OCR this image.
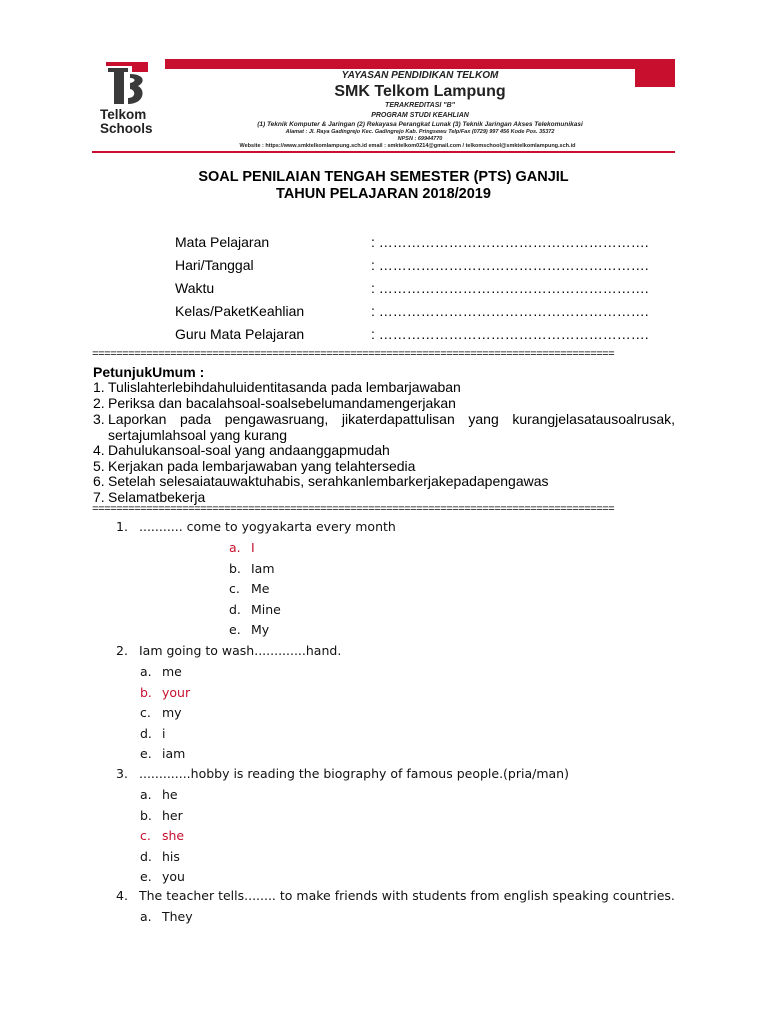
Telkom
Schools
YAYASAN PENDIDIKAN TELKOM
SMK Telkom Lampung
TERAKREDITASI "B"
PROGRAM STUDI KEAHLIAN
(1) Teknik Komputer & Jaringan (2) Rekayasa Perangkat Lunak (3) Teknik Jaringan Akses Telekomunikasi
Alamat : Jl. Raya Gadingrejo Kec. Gadingrejo Kab. Pringsewu Telp/Fax (0729) 997 456 Kode Pos. 35372
NPSN : 69944770
Website : https://www.smktelkomlampung.sch.id email : smktelkom0214@gmail.com / telkomschool@smktelkomlampung.sch.id
SOAL PENILAIAN TENGAH SEMESTER (PTS) GANJIL
TAHUN PELAJARAN 2018/2019
Mata Pelajaran	: ………………………………………………….
Hari/Tanggal	: ………………………………………………….
Waktu	: ………………………………………………….
Kelas/PaketKeahlian	: ………………………………………………….
Guru Mata Pelajaran	: ………………………………………………….
=======================================================================================
PetunjukUmum :
1. Tulislahterlebihdahuluidentitasanda pada lembarjawaban
2. Periksa dan bacalahsoal-soalsebelumandamengerjakan
3. Laporkan pada pengawasruang, jikaterdapattulisan yang kurangjelasatausoalrusak,
sertajumlahsoal yang kurang
4. Dahulukansoal-soal yang andaanggapmudah
5. Kerjakan pada lembarjawaban yang telahtersedia
6. Setelah selesaiatauwaktuhabis, serahkanlembarkerjakepadapengawas
7. Selamatbekerja
=======================================================================================
1. ........... come to yogyakarta every month
a. I
b. Iam
c. Me
d. Mine
e. My
2. Iam going to wash.............hand.
a. me
b. your
c. my
d. i
e. iam
3. .............hobby is reading the biography of famous people.(pria/man)
a. he
b. her
c. she
d. his
e. you
4. The teacher tells........ to make friends with students from english speaking countries.
a. They
